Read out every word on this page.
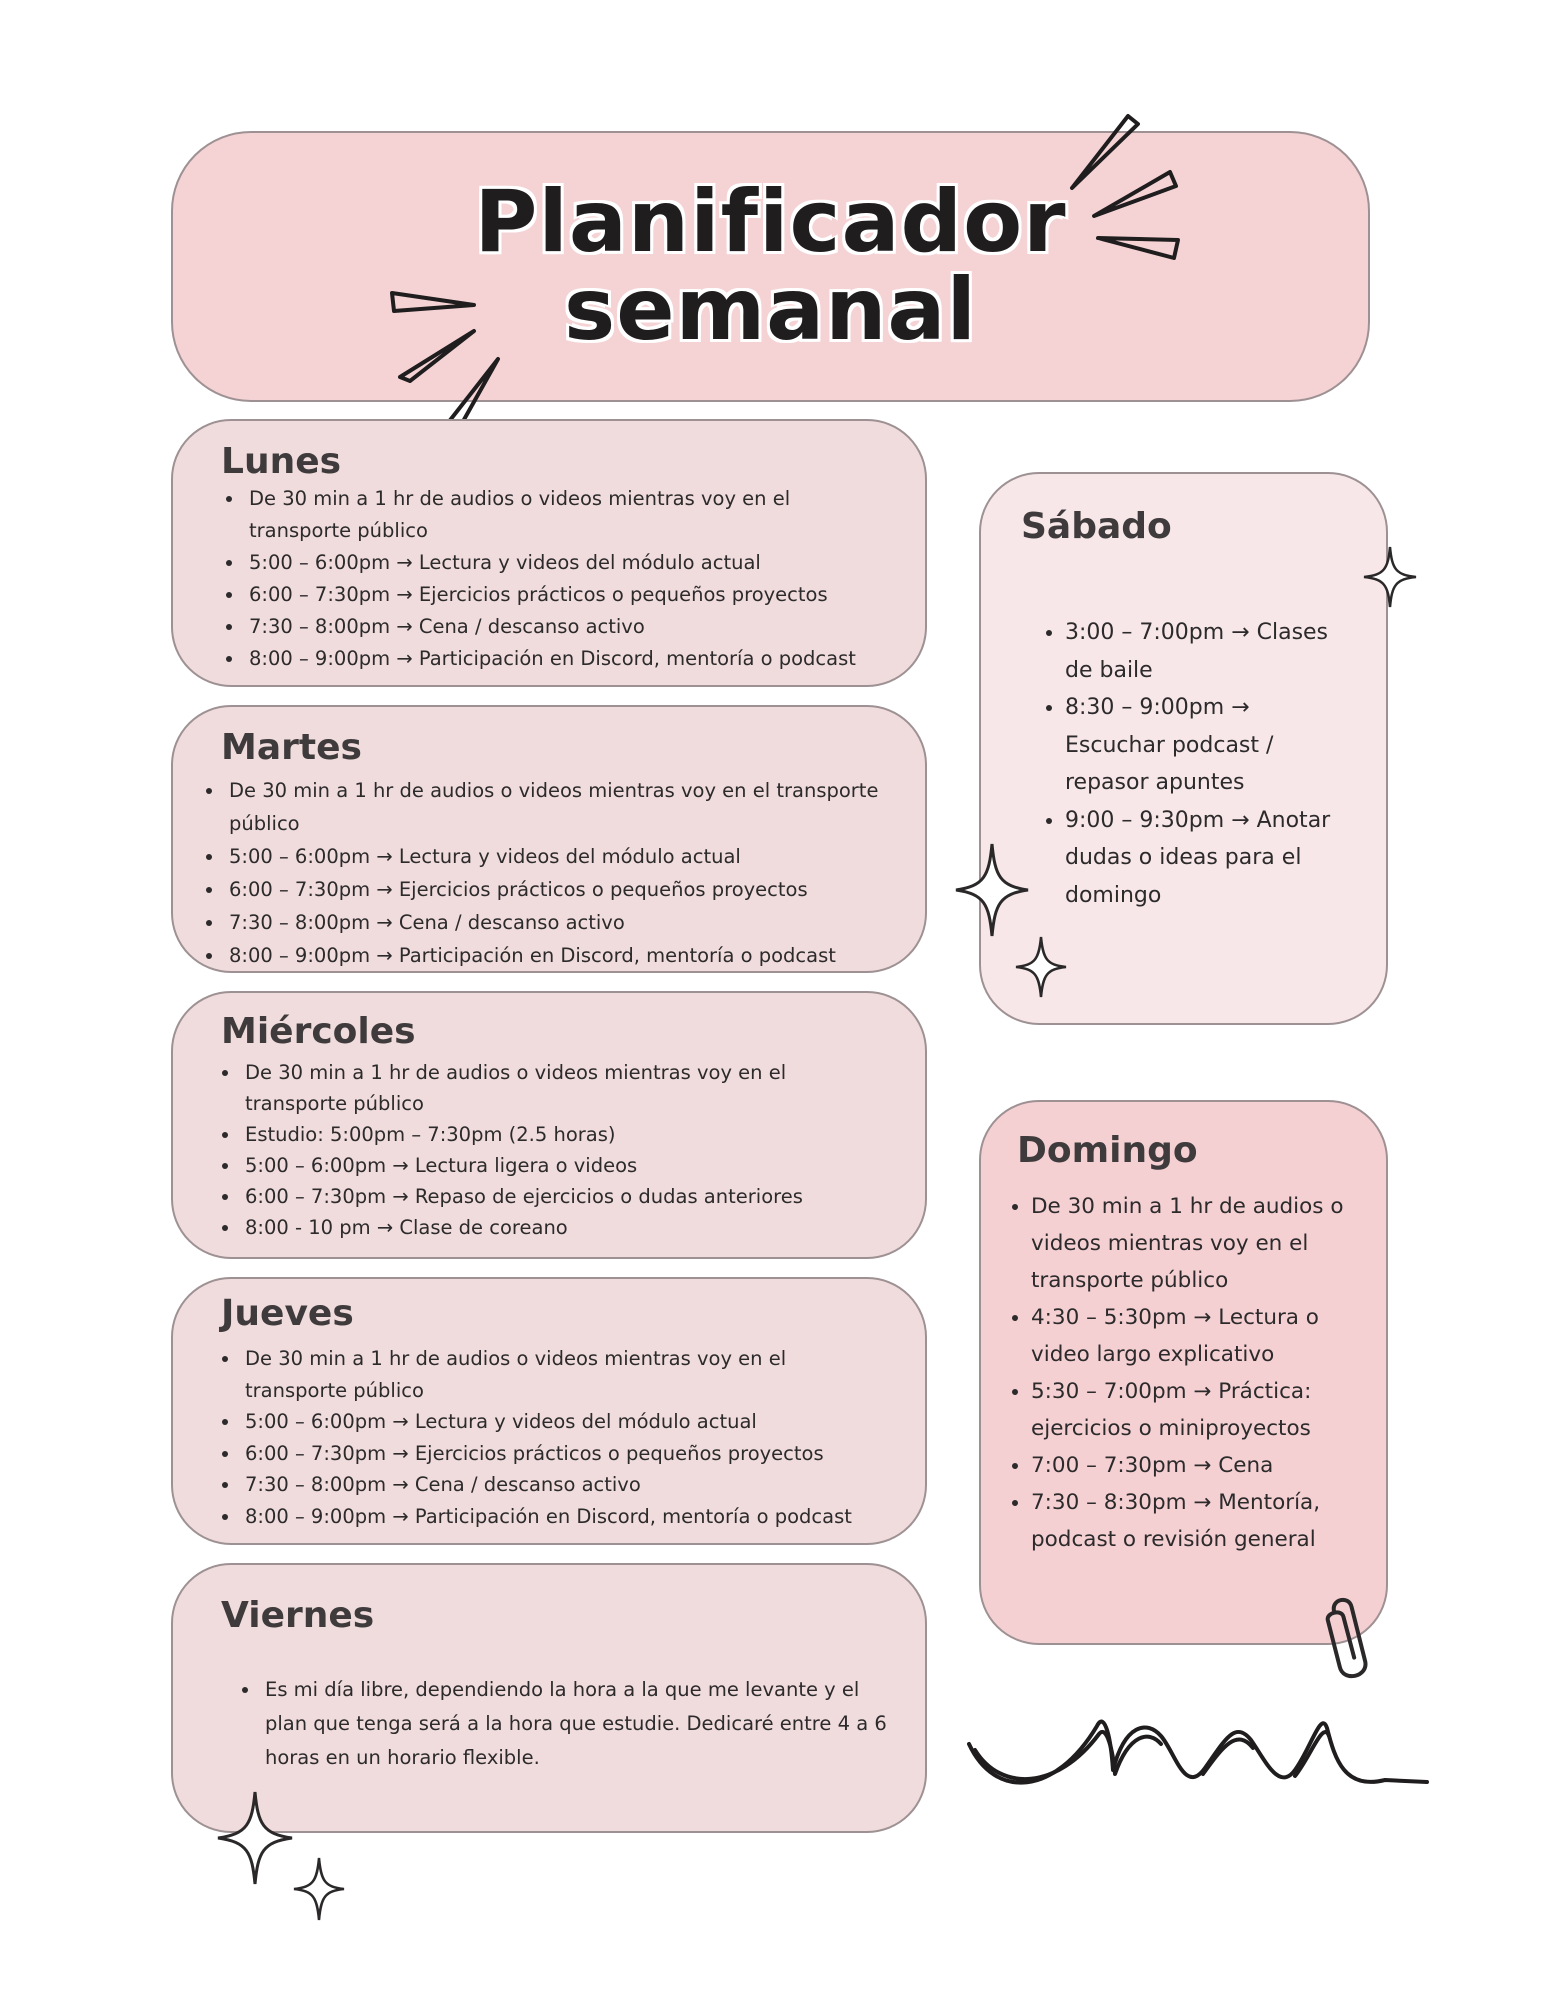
Planificador
semanal
Lunes
• De 30 min a 1 hr de audios o videos mientras voy en el transporte público
• 5:00 – 6:00pm → Lectura y videos del módulo actual
• 6:00 – 7:30pm → Ejercicios prácticos o pequeños proyectos
• 7:30 – 8:00pm → Cena / descanso activo
• 8:00 – 9:00pm → Participación en Discord, mentoría o podcast
Martes
• De 30 min a 1 hr de audios o videos mientras voy en el transporte público
• 5:00 – 6:00pm → Lectura y videos del módulo actual
• 6:00 – 7:30pm → Ejercicios prácticos o pequeños proyectos
• 7:30 – 8:00pm → Cena / descanso activo
• 8:00 – 9:00pm → Participación en Discord, mentoría o podcast
Miércoles
• De 30 min a 1 hr de audios o videos mientras voy en el transporte público
• Estudio: 5:00pm – 7:30pm (2.5 horas)
• 5:00 – 6:00pm → Lectura ligera o videos
• 6:00 – 7:30pm → Repaso de ejercicios o dudas anteriores
• 8:00 - 10 pm → Clase de coreano
Jueves
• De 30 min a 1 hr de audios o videos mientras voy en el transporte público
• 5:00 – 6:00pm → Lectura y videos del módulo actual
• 6:00 – 7:30pm → Ejercicios prácticos o pequeños proyectos
• 7:30 – 8:00pm → Cena / descanso activo
• 8:00 – 9:00pm → Participación en Discord, mentoría o podcast
Viernes
• Es mi día libre, dependiendo la hora a la que me levante y el plan que tenga será a la hora que estudie. Dedicaré entre 4 a 6 horas en un horario flexible.
Sábado
• 3:00 – 7:00pm → Clases de baile
• 8:30 – 9:00pm → Escuchar podcast / repasor apuntes
• 9:00 – 9:30pm → Anotar dudas o ideas para el domingo
Domingo
• De 30 min a 1 hr de audios o videos mientras voy en el transporte público
• 4:30 – 5:30pm → Lectura o video largo explicativo
• 5:30 – 7:00pm → Práctica: ejercicios o miniproyectos
• 7:00 – 7:30pm → Cena
• 7:30 – 8:30pm → Mentoría, podcast o revisión general
